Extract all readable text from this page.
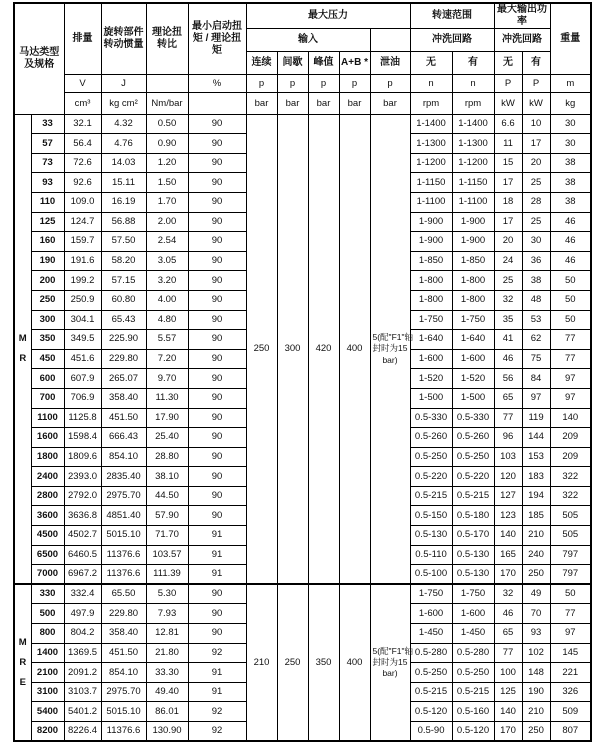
马达类型及规格		排量	旋转部件转动惯量	理论扭转比	最小启动扭矩 / 理论扭矩	最大压力					转速范围		最大输出功率		重量
						输入					冲洗回路		冲洗回路		
						连续	间歇	峰值	A+B *	泄油	无	有	无	有	
		V	J		%	p	p	p	p	p	n	n	P	P	m
		cm³	kg cm²	Nm/bar		bar	bar	bar	bar	bar	rpm	rpm	kW	kW	kg
M
R	33	32.1	4.32	0.50	90	250	300	420	400	5(配"F1"轴封时为15 bar)	1-1400	1-1400	6.6	10	30
	57	56.4	4.76	0.90	90						1-1300	1-1300	11	17	30
	73	72.6	14.03	1.20	90						1-1200	1-1200	15	20	38
	93	92.6	15.11	1.50	90						1-1150	1-1150	17	25	38
	110	109.0	16.19	1.70	90						1-1100	1-1100	18	28	38
	125	124.7	56.88	2.00	90						1-900	1-900	17	25	46
	160	159.7	57.50	2.54	90						1-900	1-900	20	30	46
	190	191.6	58.20	3.05	90						1-850	1-850	24	36	46
	200	199.2	57.15	3.20	90						1-800	1-800	25	38	50
	250	250.9	60.80	4.00	90						1-800	1-800	32	48	50
	300	304.1	65.43	4.80	90						1-750	1-750	35	53	50
	350	349.5	225.90	5.57	90						1-640	1-640	41	62	77
	450	451.6	229.80	7.20	90						1-600	1-600	46	75	77
	600	607.9	265.07	9.70	90						1-520	1-520	56	84	97
	700	706.9	358.40	11.30	90						1-500	1-500	65	97	97
	1100	1125.8	451.50	17.90	90						0.5-330	0.5-330	77	119	140
	1600	1598.4	666.43	25.40	90						0.5-260	0.5-260	96	144	209
	1800	1809.6	854.10	28.80	90						0.5-250	0.5-250	103	153	209
	2400	2393.0	2835.40	38.10	90						0.5-220	0.5-220	120	183	322
	2800	2792.0	2975.70	44.50	90						0.5-215	0.5-215	127	194	322
	3600	3636.8	4851.40	57.90	90						0.5-150	0.5-180	123	185	505
	4500	4502.7	5015.10	71.70	91						0.5-130	0.5-170	140	210	505
	6500	6460.5	11376.6	103.57	91						0.5-110	0.5-130	165	240	797
	7000	6967.2	11376.6	111.39	91						0.5-100	0.5-130	170	250	797
M
R
E	330	332.4	65.50	5.30	90	210	250	350	400	5(配"F1"轴封时为15 bar)	1-750	1-750	32	49	50
	500	497.9	229.80	7.93	90						1-600	1-600	46	70	77
	800	804.2	358.40	12.81	90						1-450	1-450	65	93	97
	1400	1369.5	451.50	21.80	92						0.5-280	0.5-280	77	102	145
	2100	2091.2	854.10	33.30	91						0.5-250	0.5-250	100	148	221
	3100	3103.7	2975.70	49.40	91						0.5-215	0.5-215	125	190	326
	5400	5401.2	5015.10	86.01	92						0.5-120	0.5-160	140	210	509
	8200	8226.4	11376.6	130.90	92						0.5-90	0.5-120	170	250	807
